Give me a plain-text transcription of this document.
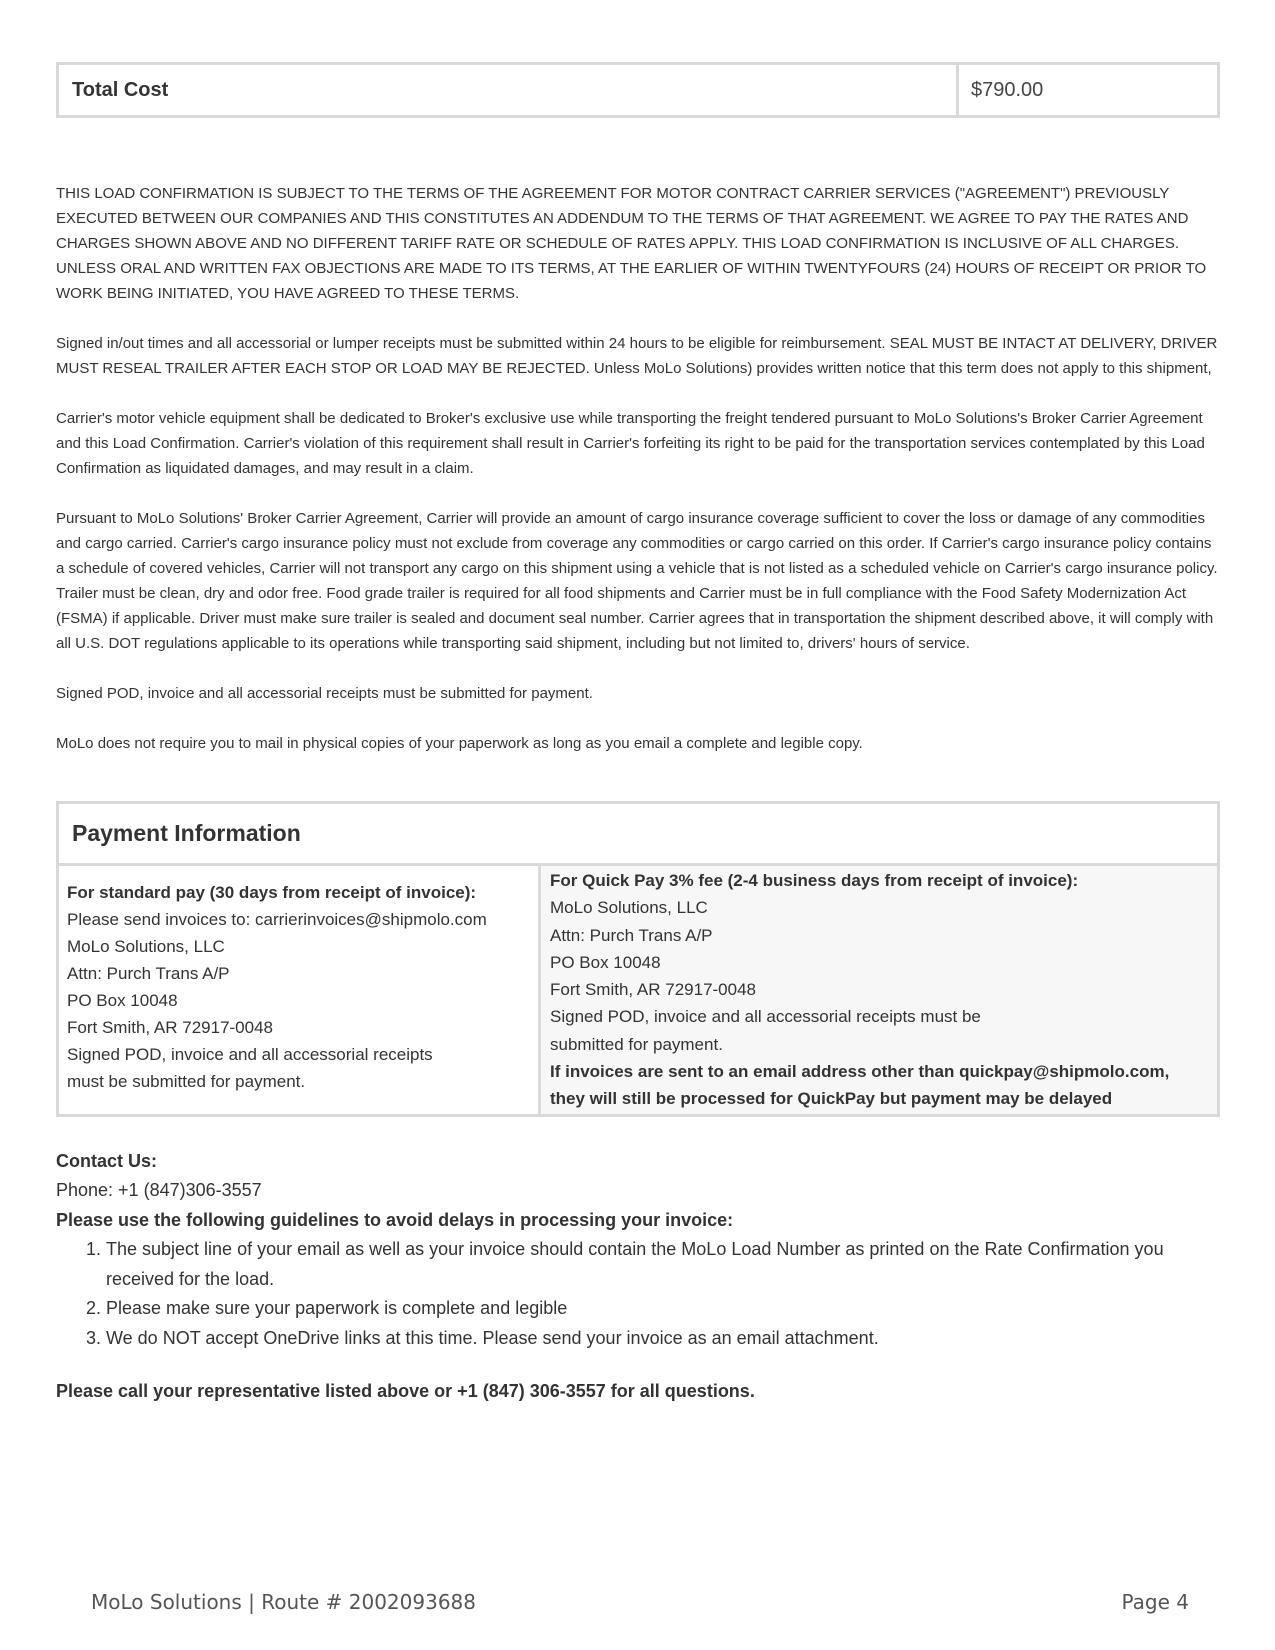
Total Cost	$790.00

THIS LOAD CONFIRMATION IS SUBJECT TO THE TERMS OF THE AGREEMENT FOR MOTOR CONTRACT CARRIER SERVICES ("AGREEMENT") PREVIOUSLY EXECUTED BETWEEN OUR COMPANIES AND THIS CONSTITUTES AN ADDENDUM TO THE TERMS OF THAT AGREEMENT. WE AGREE TO PAY THE RATES AND CHARGES SHOWN ABOVE AND NO DIFFERENT TARIFF RATE OR SCHEDULE OF RATES APPLY. THIS LOAD CONFIRMATION IS INCLUSIVE OF ALL CHARGES. UNLESS ORAL AND WRITTEN FAX OBJECTIONS ARE MADE TO ITS TERMS, AT THE EARLIER OF WITHIN TWENTYFOURS (24) HOURS OF RECEIPT OR PRIOR TO WORK BEING INITIATED, YOU HAVE AGREED TO THESE TERMS.

Signed in/out times and all accessorial or lumper receipts must be submitted within 24 hours to be eligible for reimbursement. SEAL MUST BE INTACT AT DELIVERY, DRIVER MUST RESEAL TRAILER AFTER EACH STOP OR LOAD MAY BE REJECTED. Unless MoLo Solutions) provides written notice that this term does not apply to this shipment,

Carrier's motor vehicle equipment shall be dedicated to Broker's exclusive use while transporting the freight tendered pursuant to MoLo Solutions's Broker Carrier Agreement and this Load Confirmation. Carrier's violation of this requirement shall result in Carrier's forfeiting its right to be paid for the transportation services contemplated by this Load Confirmation as liquidated damages, and may result in a claim.

Pursuant to MoLo Solutions' Broker Carrier Agreement, Carrier will provide an amount of cargo insurance coverage sufficient to cover the loss or damage of any commodities and cargo carried. Carrier's cargo insurance policy must not exclude from coverage any commodities or cargo carried on this order. If Carrier's cargo insurance policy contains a schedule of covered vehicles, Carrier will not transport any cargo on this shipment using a vehicle that is not listed as a scheduled vehicle on Carrier's cargo insurance policy. Trailer must be clean, dry and odor free. Food grade trailer is required for all food shipments and Carrier must be in full compliance with the Food Safety Modernization Act (FSMA) if applicable. Driver must make sure trailer is sealed and document seal number. Carrier agrees that in transportation the shipment described above, it will comply with all U.S. DOT regulations applicable to its operations while transporting said shipment, including but not limited to, drivers' hours of service.

Signed POD, invoice and all accessorial receipts must be submitted for payment.

MoLo does not require you to mail in physical copies of your paperwork as long as you email a complete and legible copy.

Payment Information
For standard pay (30 days from receipt of invoice):
Please send invoices to: carrierinvoices@shipmolo.com
MoLo Solutions, LLC
Attn: Purch Trans A/P
PO Box 10048
Fort Smith, AR 72917-0048
Signed POD, invoice and all accessorial receipts
must be submitted for payment.
For Quick Pay 3% fee (2-4 business days from receipt of invoice):
MoLo Solutions, LLC
Attn: Purch Trans A/P
PO Box 10048
Fort Smith, AR 72917-0048
Signed POD, invoice and all accessorial receipts must be
submitted for payment.
If invoices are sent to an email address other than quickpay@shipmolo.com,
they will still be processed for QuickPay but payment may be delayed
Contact Us:
Phone: +1 (847)306-3557
Please use the following guidelines to avoid delays in processing your invoice:
1. The subject line of your email as well as your invoice should contain the MoLo Load Number as printed on the Rate Confirmation you received for the load.
2. Please make sure your paperwork is complete and legible
3. We do NOT accept OneDrive links at this time. Please send your invoice as an email attachment.
Please call your representative listed above or +1 (847) 306-3557 for all questions.
MoLo Solutions | Route # 2002093688	Page 4
